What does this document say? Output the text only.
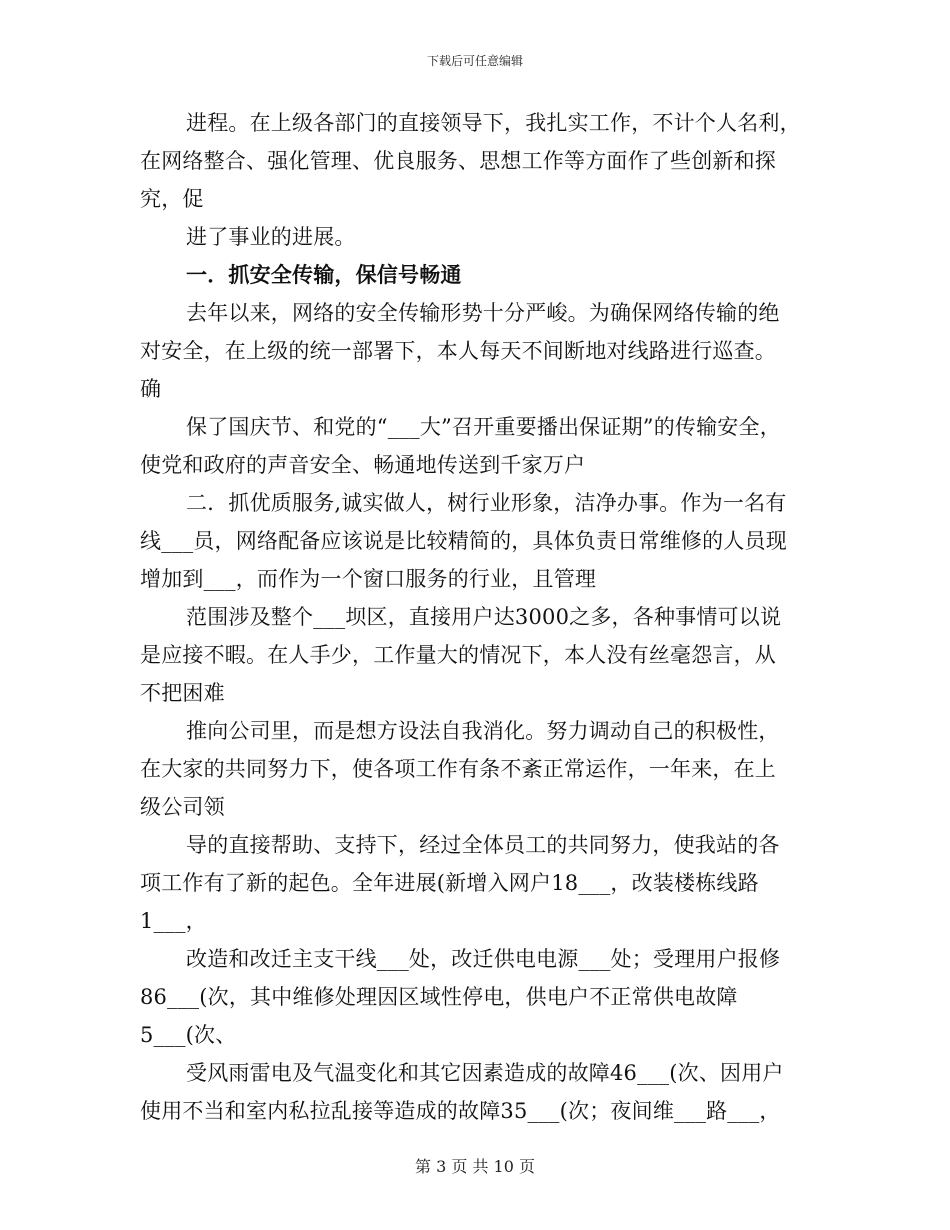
下载后可任意编辑
进程。在上级各部门的直接领导下，我扎实工作，不计个人名利，
在网络整合、强化管理、优良服务、思想工作等方面作了些创新和探
究，促
进了事业的进展。
一．抓安全传输，保信号畅通
去年以来，网络的安全传输形势十分严峻。为确保网络传输的绝
对安全，在上级的统一部署下，本人每天不间断地对线路进行巡查。
确
保了国庆节、和党的“___大”召开重要播出保证期”的传输安全，
使党和政府的声音安全、畅通地传送到千家万户
二．抓优质服务,诚实做人，树行业形象，洁净办事。作为一名有
线___员，网络配备应该说是比较精简的，具体负责日常维修的人员现
增加到___，而作为一个窗口服务的行业，且管理
范围涉及整个___坝区，直接用户达3000之多，各种事情可以说
是应接不暇。在人手少，工作量大的情况下，本人没有丝毫怨言，从
不把困难
推向公司里，而是想方设法自我消化。努力调动自己的积极性，
在大家的共同努力下，使各项工作有条不紊正常运作，一年来，在上
级公司领
导的直接帮助、支持下，经过全体员工的共同努力，使我站的各
项工作有了新的起色。全年进展(新增入网户18___，改装楼栋线路
1___，
改造和改迁主支干线___处，改迁供电电源___处；受理用户报修
86___(次，其中维修处理因区域性停电，供电户不正常供电故障
5___(次、
受风雨雷电及气温变化和其它因素造成的故障46___(次、因用户
使用不当和室内私拉乱接等造成的故障35___(次；夜间维___路___，
第 3 页 共 10 页
